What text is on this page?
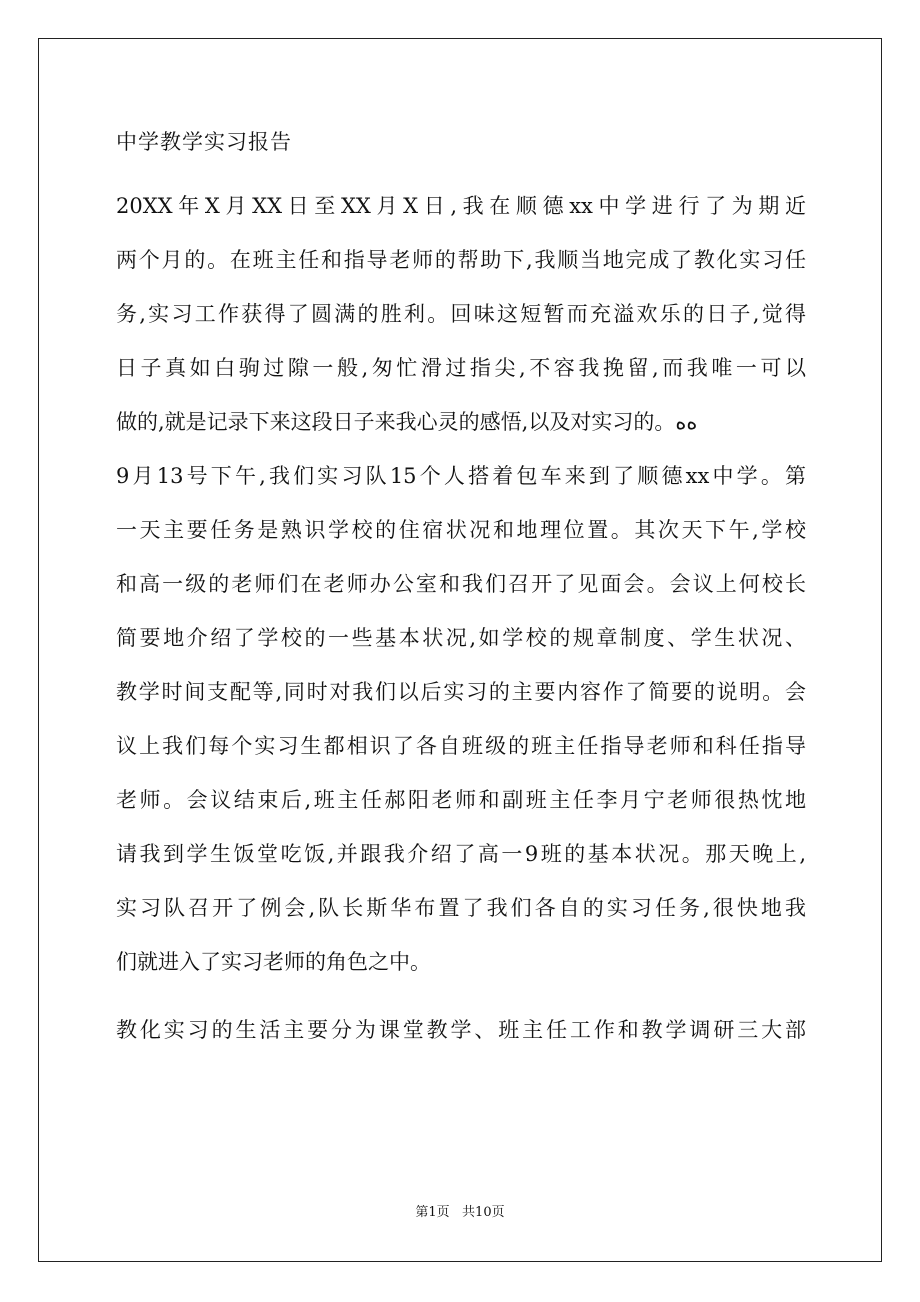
中学教学实习报告
20XX年X月XX日至XX月X日,我在顺德xx中学进行了为期近
两个月的。在班主任和指导老师的帮助下,我顺当地完成了教化实习任
务,实习工作获得了圆满的胜利。回味这短暂而充溢欢乐的日子,觉得
日子真如白驹过隙一般,匆忙滑过指尖,不容我挽留,而我唯一可以
做的,就是记录下来这段日子来我心灵的感悟,以及对实习的。ﻩﻩ
9月13号下午,我们实习队15个人搭着包车来到了顺德xx中学。第
一天主要任务是熟识学校的住宿状况和地理位置。其次天下午,学校
和高一级的老师们在老师办公室和我们召开了见面会。会议上何校长
简要地介绍了学校的一些基本状况,如学校的规章制度、学生状况、
教学时间支配等,同时对我们以后实习的主要内容作了简要的说明。会
议上我们每个实习生都相识了各自班级的班主任指导老师和科任指导
老师。会议结束后,班主任郝阳老师和副班主任李月宁老师很热忱地
请我到学生饭堂吃饭,并跟我介绍了高一9班的基本状况。那天晚上,
实习队召开了例会,队长斯华布置了我们各自的实习任务,很快地我
们就进入了实习老师的角色之中。
教化实习的生活主要分为课堂教学、班主任工作和教学调研三大部
第1页   共10页
